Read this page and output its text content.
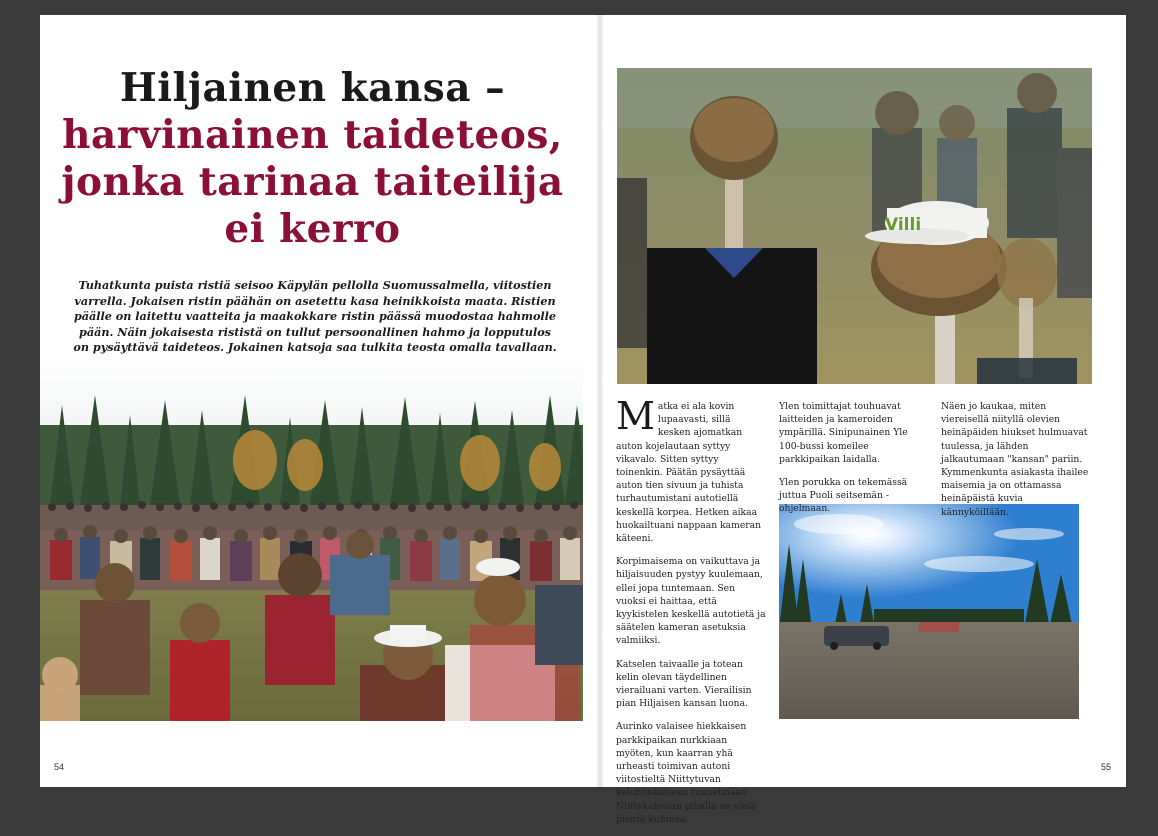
Hiljainen kansa –
harvinainen taideteos, jonka tarinaa taiteilija ei kerro
Tuhatkunta puista ristiä seisoo Käpylän pellolla Suomussalmella, viitostien varrella. Jokaisen ristin päähän on asetettu kasa heinikkoista maata. Ristien päälle on laitettu vaatteita ja maakokkare ristin päässä muodostaa hahmolle pään. Näin jokaisesta rististä on tullut persoonallinen hahmo ja lopputulos on pysäyttävä taideteos. Jokainen katsoja saa tulkita teosta omalla tavallaan.
Villi

Matka ei ala kovin lupaavasti, sillä kesken ajomatkan auton kojelautaan syttyy vikavalo. Sitten syttyy toinenkin. Päätän pysäyttää auton tien sivuun ja tuhista turhautumistani autotiellä keskellä korpea. Hetken aikaa huokailtuani nappaan kameran käteeni.

Korpimaisema on vaikuttava ja hiljaisuuden pystyy kuulemaan, ellei jopa tuntemaan. Sen vuoksi ei haittaa, että kyykistelen keskellä autotietä ja säätelen kameran asetuksia valmiiksi.

Katselen taivaalle ja totean kelin olevan täydellinen vierailuani varten. Vierailisin pian Hiljaisen kansan luona.

Aurinko valaisee hiekkaisen parkkipaikan nurkkiaan myöten, kun kaarran yhä urheasti toimivan autoni viitostieltä Niittytuvan kelohonkaiseen tunnelmaan. Niittykahvilan pihalla on vielä pientä kuhinaa.

Ylen toimittajat touhuavat laitteiden ja kameroiden ympärillä. Sinipunainen Yle 100-bussi komeilee parkkipaikan laidalla.

Ylen porukka on tekemässä juttua Puoli seitsemän -ohjelmaan.

Näen jo kaukaa, miten viereisellä niityllä olevien heinäpäiden hiukset hulmuavat tuulessa, ja lähden jalkautumaan "kansan" pariin. Kymmenkunta asiakasta ihailee maisemia ja on ottamassa heinäpäistä kuvia kännyköillään.

54	55
